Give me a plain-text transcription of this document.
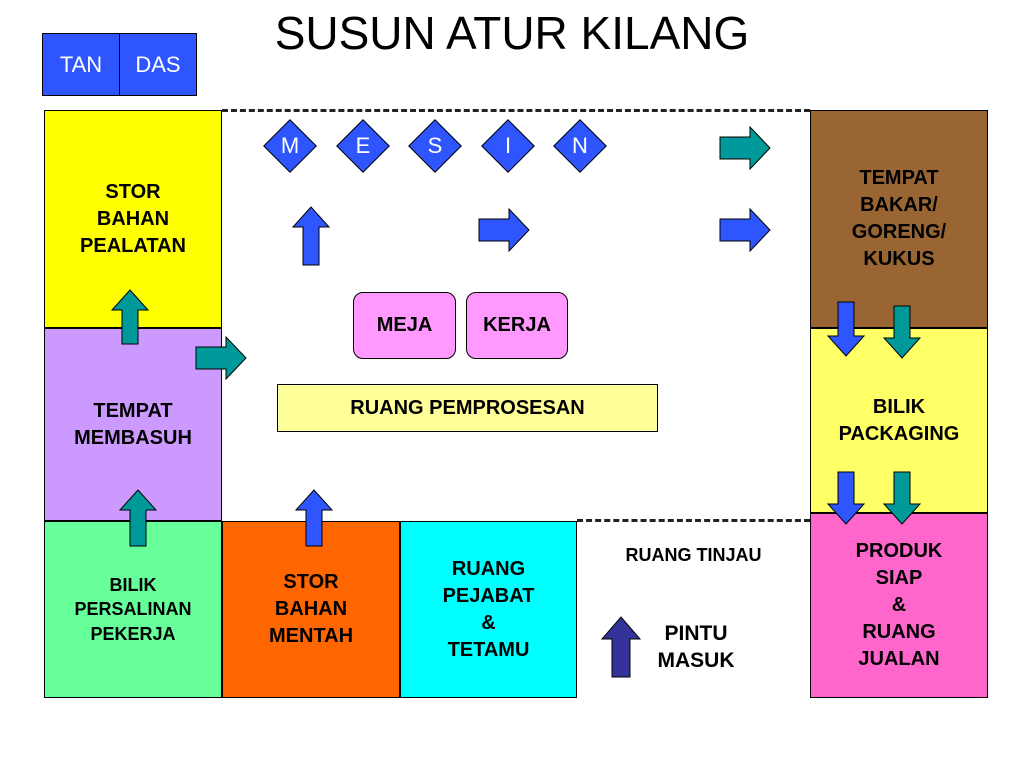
SUSUN ATUR KILANG
TAN	DAS
STOR
BAHAN
PEALATAN
TEMPAT
MEMBASUH
BILIK
PERSALINAN
PEKERJA
STOR
BAHAN
MENTAH
RUANG
PEJABAT
&
TETAMU
TEMPAT
BAKAR/
GORENG/
KUKUS
BILIK
PACKAGING
PRODUK
SIAP
&
RUANG
JUALAN
M	E	S	I	N
MEJA	KERJA
RUANG PEMPROSESAN
RUANG TINJAU
PINTU
MASUK
